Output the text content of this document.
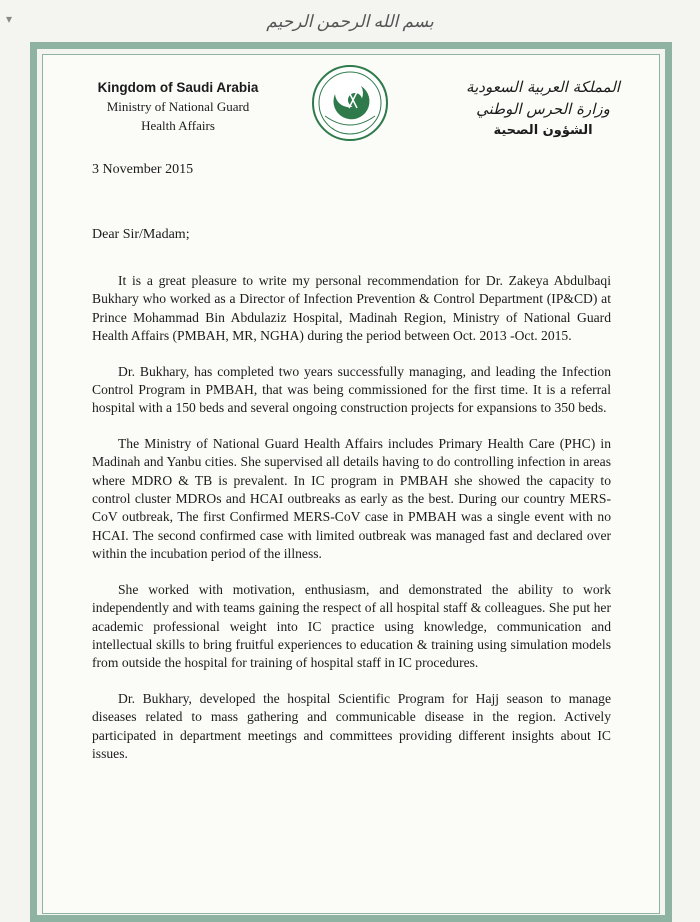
بسم الله الرحمن الرحيم
▾
Kingdom of Saudi Arabia
Ministry of National Guard
Health Affairs
المملكة العربية السعودية
وزارة الحرس الوطني
الشؤون الصحية
3 November 2015
Dear Sir/Madam;

It is a great pleasure to write my personal recommendation for Dr. Zakeya Abdulbaqi Bukhary who worked as a Director of Infection Prevention & Control Department (IP&CD) at Prince Mohammad Bin Abdulaziz Hospital, Madinah Region, Ministry of National Guard Health Affairs (PMBAH, MR, NGHA) during the period between Oct. 2013 -Oct. 2015.

Dr. Bukhary, has completed two years successfully managing, and leading the Infection Control Program in PMBAH, that was being commissioned for the first time. It is a referral hospital with a 150 beds and several ongoing construction projects for expansions to 350 beds.

The Ministry of National Guard Health Affairs includes Primary Health Care (PHC) in Madinah and Yanbu cities. She supervised all details having to do controlling infection in areas where MDRO & TB is prevalent. In IC program in PMBAH she showed the capacity to control cluster MDROs and HCAI outbreaks as early as the best. During our country MERS-CoV outbreak, The first Confirmed MERS-CoV case in PMBAH was a single event with no HCAI. The second confirmed case with limited outbreak was managed fast and declared over within the incubation period of the illness.

She worked with motivation, enthusiasm, and demonstrated the ability to work independently and with teams gaining the respect of all hospital staff & colleagues. She put her academic professional weight into IC practice using knowledge, communication and intellectual skills to bring fruitful experiences to education & training using simulation models from outside the hospital for training of hospital staff in IC procedures.

Dr. Bukhary, developed the hospital Scientific Program for Hajj season to manage diseases related to mass gathering and communicable disease in the region. Actively participated in department meetings and committees providing different insights about IC issues.
